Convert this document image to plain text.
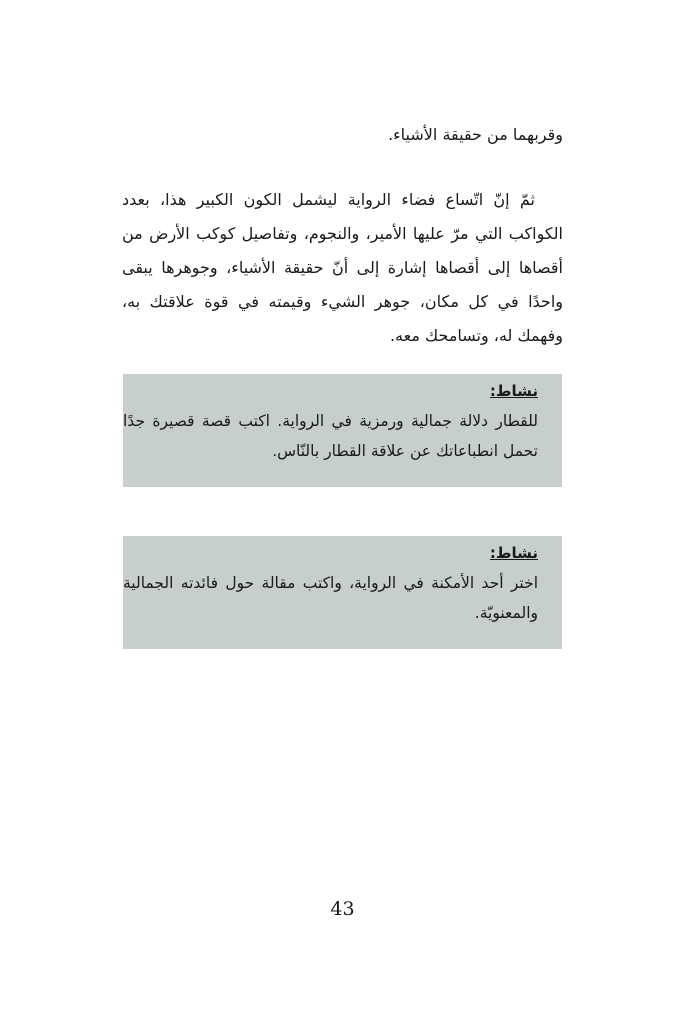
وقربهما من حقيقة الأشياء.

ثمّ إنّ اتّساع فضاء الرواية ليشمل الكون الكبير هذا، بعدد الكواكب التي مرّ عليها الأمير، والنجوم، وتفاصيل كوكب الأرض من أقصاها إلى أقصاها إشارة إلى أنّ حقيقة الأشياء، وجوهرها يبقى واحدًا في كل مكان، جوهر الشيء وقيمته في قوة علاقتك به، وفهمك له، وتسامحك معه.

نشاط:
للقطار دلالة جمالية ورمزية في الرواية. اكتب قصة قصيرة جدًا تحمل انطباعاتك عن علاقة القطار بالنّاس.
نشاط:
اختر أحد الأمكنة في الرواية، واكتب مقالة حول فائدته الجمالية والمعنويّة.
43
